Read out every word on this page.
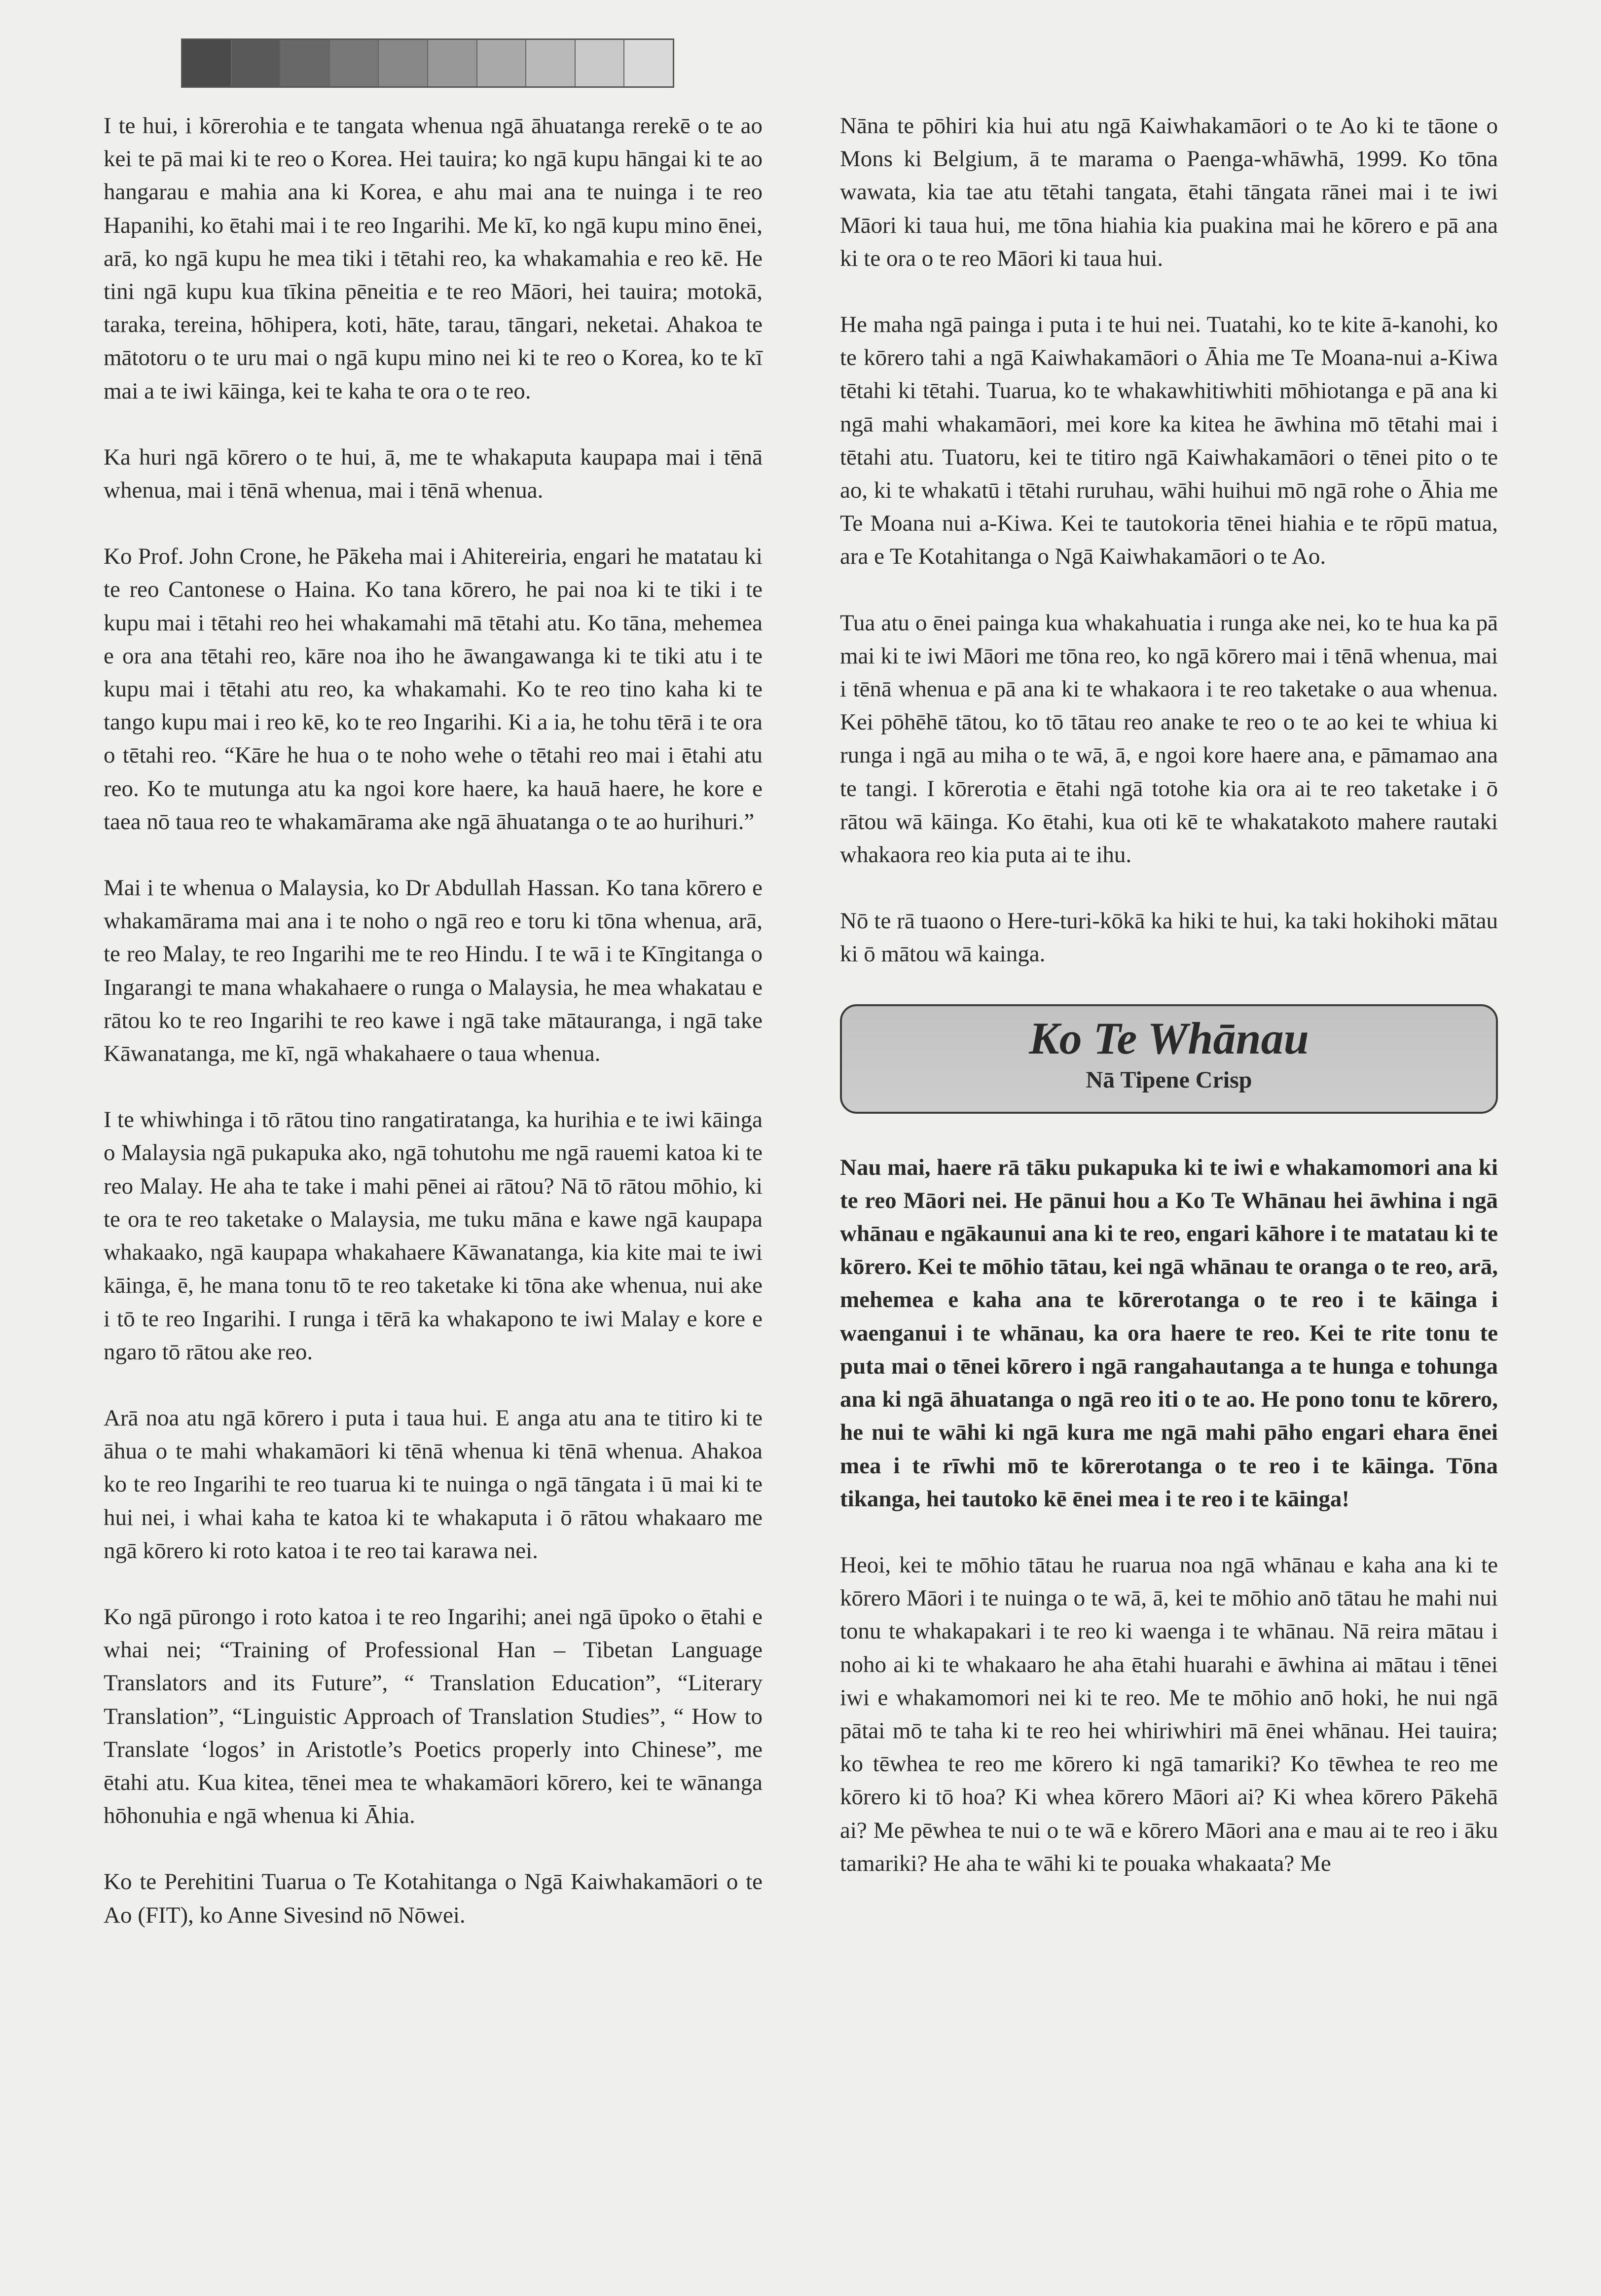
I te hui, i kōrerohia e te tangata whenua ngā āhuatanga rerekē o te ao kei te pā mai ki te reo o Korea. Hei tauira; ko ngā kupu hāngai ki te ao hangarau e mahia ana ki Korea, e ahu mai ana te nuinga i te reo Hapanihi, ko ētahi mai i te reo Ingarihi. Me kī, ko ngā kupu mino ēnei, arā, ko ngā kupu he mea tiki i tētahi reo, ka whakamahia e reo kē. He tini ngā kupu kua tīkina pēneitia e te reo Māori, hei tauira; motokā, taraka, tereina, hōhipera, koti, hāte, tarau, tāngari, neketai. Ahakoa te mātotoru o te uru mai o ngā kupu mino nei ki te reo o Korea, ko te kī mai a te iwi kāinga, kei te kaha te ora o te reo.

Ka huri ngā kōrero o te hui, ā, me te whakaputa kaupapa mai i tēnā whenua, mai i tēnā whenua, mai i tēnā whenua.

Ko Prof. John Crone, he Pākeha mai i Ahitereiria, engari he matatau ki te reo Cantonese o Haina. Ko tana kōrero, he pai noa ki te tiki i te kupu mai i tētahi reo hei whakamahi mā tētahi atu. Ko tāna, mehemea e ora ana tētahi reo, kāre noa iho he āwangawanga ki te tiki atu i te kupu mai i tētahi atu reo, ka whakamahi. Ko te reo tino kaha ki te tango kupu mai i reo kē, ko te reo Ingarihi. Ki a ia, he tohu tērā i te ora o tētahi reo. “Kāre he hua o te noho wehe o tētahi reo mai i ētahi atu reo. Ko te mutunga atu ka ngoi kore haere, ka hauā haere, he kore e taea nō taua reo te whakamārama ake ngā āhuatanga o te ao hurihuri.”

Mai i te whenua o Malaysia, ko Dr Abdullah Hassan. Ko tana kōrero e whakamārama mai ana i te noho o ngā reo e toru ki tōna whenua, arā, te reo Malay, te reo Ingarihi me te reo Hindu. I te wā i te Kīngitanga o Ingarangi te mana whakahaere o runga o Malaysia, he mea whakatau e rātou ko te reo Ingarihi te reo kawe i ngā take mātauranga, i ngā take Kāwanatanga, me kī, ngā whakahaere o taua whenua.

I te whiwhinga i tō rātou tino rangatiratanga, ka hurihia e te iwi kāinga o Malaysia ngā pukapuka ako, ngā tohutohu me ngā rauemi katoa ki te reo Malay. He aha te take i mahi pēnei ai rātou? Nā tō rātou mōhio, ki te ora te reo taketake o Malaysia, me tuku māna e kawe ngā kaupapa whakaako, ngā kaupapa whakahaere Kāwanatanga, kia kite mai te iwi kāinga, ē, he mana tonu tō te reo taketake ki tōna ake whenua, nui ake i tō te reo Ingarihi. I runga i tērā ka whakapono te iwi Malay e kore e ngaro tō rātou ake reo.

Arā noa atu ngā kōrero i puta i taua hui. E anga atu ana te titiro ki te āhua o te mahi whakamāori ki tēnā whenua ki tēnā whenua. Ahakoa ko te reo Ingarihi te reo tuarua ki te nuinga o ngā tāngata i ū mai ki te hui nei, i whai kaha te katoa ki te whakaputa i ō rātou whakaaro me ngā kōrero ki roto katoa i te reo tai karawa nei.

Ko ngā pūrongo i roto katoa i te reo Ingarihi; anei ngā ūpoko o ētahi e whai nei; “Training of Professional Han – Tibetan Language Translators and its Future”, “ Translation Education”, “Literary Translation”, “Linguistic Approach of Translation Studies”, “ How to Translate ‘logos’ in Aristotle’s Poetics properly into Chinese”, me ētahi atu. Kua kitea, tēnei mea te whakamāori kōrero, kei te wānanga hōhonuhia e ngā whenua ki Āhia.

Ko te Perehitini Tuarua o Te Kotahitanga o Ngā Kaiwhakamāori o te Ao (FIT), ko Anne Sivesind nō Nōwei.

Nāna te pōhiri kia hui atu ngā Kaiwhakamāori o te Ao ki te tāone o Mons ki Belgium, ā te marama o Paenga-whāwhā, 1999. Ko tōna wawata, kia tae atu tētahi tangata, ētahi tāngata rānei mai i te iwi Māori ki taua hui, me tōna hiahia kia puakina mai he kōrero e pā ana ki te ora o te reo Māori ki taua hui.

He maha ngā painga i puta i te hui nei. Tuatahi, ko te kite ā-kanohi, ko te kōrero tahi a ngā Kaiwhakamāori o Āhia me Te Moana-nui a-Kiwa tētahi ki tētahi. Tuarua, ko te whakawhitiwhiti mōhiotanga e pā ana ki ngā mahi whakamāori, mei kore ka kitea he āwhina mō tētahi mai i tētahi atu. Tuatoru, kei te titiro ngā Kaiwhakamāori o tēnei pito o te ao, ki te whakatū i tētahi ruruhau, wāhi huihui mō ngā rohe o Āhia me Te Moana nui a-Kiwa. Kei te tautokoria tēnei hiahia e te rōpū matua, ara e Te Kotahitanga o Ngā Kaiwhakamāori o te Ao.

Tua atu o ēnei painga kua whakahuatia i runga ake nei, ko te hua ka pā mai ki te iwi Māori me tōna reo, ko ngā kōrero mai i tēnā whenua, mai i tēnā whenua e pā ana ki te whakaora i te reo taketake o aua whenua. Kei pōhēhē tātou, ko tō tātau reo anake te reo o te ao kei te whiua ki runga i ngā au miha o te wā, ā, e ngoi kore haere ana, e pāmamao ana te tangi. I kōrerotia e ētahi ngā totohe kia ora ai te reo taketake i ō rātou wā kāinga. Ko ētahi, kua oti kē te whakatakoto mahere rautaki whakaora reo kia puta ai te ihu.

Nō te rā tuaono o Here-turi-kōkā ka hiki te hui, ka taki hokihoki mātau ki ō mātou wā kainga.

Ko Te Whānau
Nā Tipene Crisp

Nau mai, haere rā tāku pukapuka ki te iwi e whakamomori ana ki te reo Māori nei. He pānui hou a Ko Te Whānau hei āwhina i ngā whānau e ngākaunui ana ki te reo, engari kāhore i te matatau ki te kōrero. Kei te mōhio tātau, kei ngā whānau te oranga o te reo, arā, mehemea e kaha ana te kōrerotanga o te reo i te kāinga i waenganui i te whānau, ka ora haere te reo. Kei te rite tonu te puta mai o tēnei kōrero i ngā rangahautanga a te hunga e tohunga ana ki ngā āhuatanga o ngā reo iti o te ao. He pono tonu te kōrero, he nui te wāhi ki ngā kura me ngā mahi pāho engari ehara ēnei mea i te rīwhi mō te kōrerotanga o te reo i te kāinga. Tōna tikanga, hei tautoko kē ēnei mea i te reo i te kāinga!

Heoi, kei te mōhio tātau he ruarua noa ngā whānau e kaha ana ki te kōrero Māori i te nuinga o te wā, ā, kei te mōhio anō tātau he mahi nui tonu te whakapakari i te reo ki waenga i te whānau. Nā reira mātau i noho ai ki te whakaaro he aha ētahi huarahi e āwhina ai mātau i tēnei iwi e whakamomori nei ki te reo. Me te mōhio anō hoki, he nui ngā pātai mō te taha ki te reo hei whiriwhiri mā ēnei whānau. Hei tauira; ko tēwhea te reo me kōrero ki ngā tamariki? Ko tēwhea te reo me kōrero ki tō hoa? Ki whea kōrero Māori ai? Ki whea kōrero Pākehā ai? Me pēwhea te nui o te wā e kōrero Māori ana e mau ai te reo i āku tamariki? He aha te wāhi ki te pouaka whakaata? Me
